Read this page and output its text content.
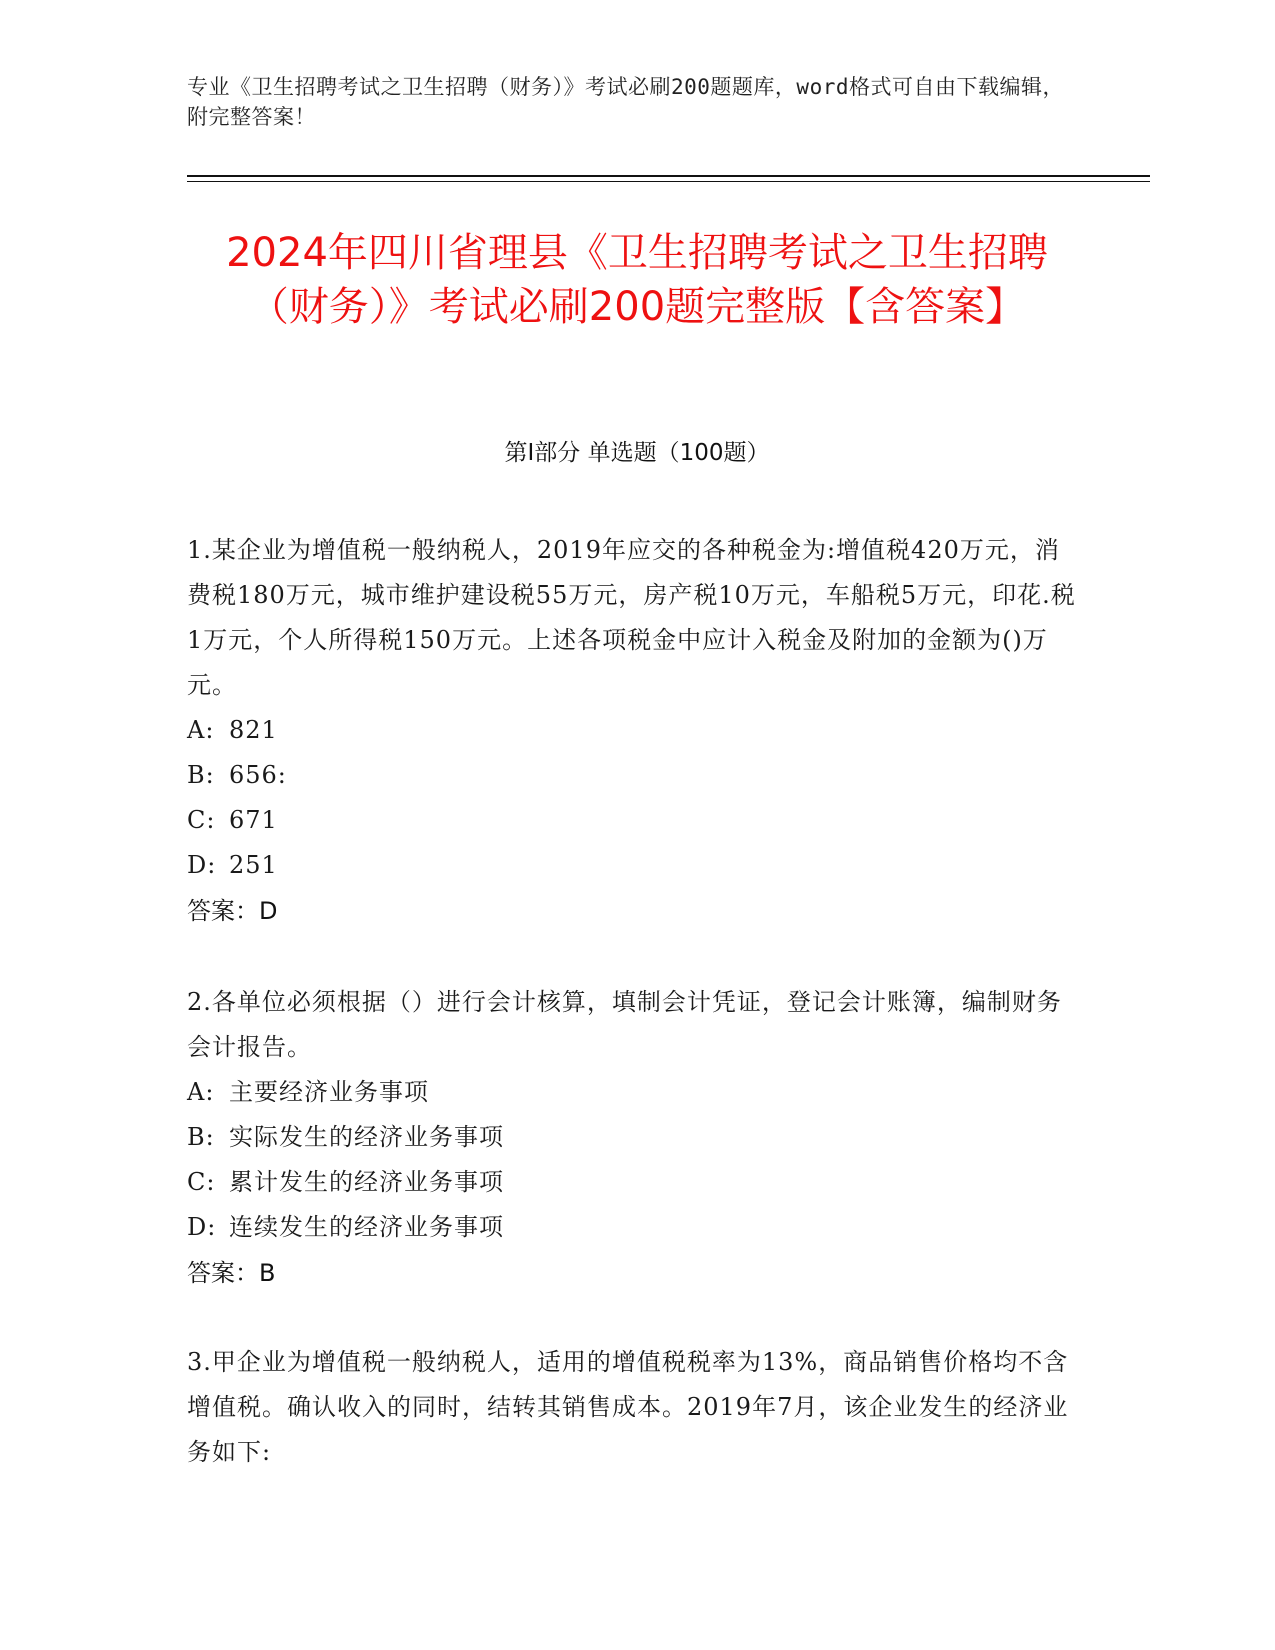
专业《卫生招聘考试之卫生招聘（财务）》考试必刷200题题库，word格式可自由下载编辑，附完整答案！
2024年四川省理县《卫生招聘考试之卫生招聘（财务）》考试必刷200题完整版【含答案】
第I部分 单选题（100题）

1.某企业为增值税一般纳税人，2019年应交的各种税金为:增值税420万元，消费税180万元，城市维护建设税55万元，房产税10万元，车船税5万元，印花.税1万元，个人所得税150万元。上述各项税金中应计入税金及附加的金额为()万元。

A: 821
B: 656:
C: 671
D: 251
答案：D

2.各单位必须根据（）进行会计核算，填制会计凭证，登记会计账簿，编制财务会计报告。

A: 主要经济业务事项
B: 实际发生的经济业务事项
C: 累计发生的经济业务事项
D: 连续发生的经济业务事项
答案：B

3.甲企业为增值税一般纳税人，适用的增值税税率为13%，商品销售价格均不含增值税。确认收入的同时，结转其销售成本。2019年7月，该企业发生的经济业务如下:
